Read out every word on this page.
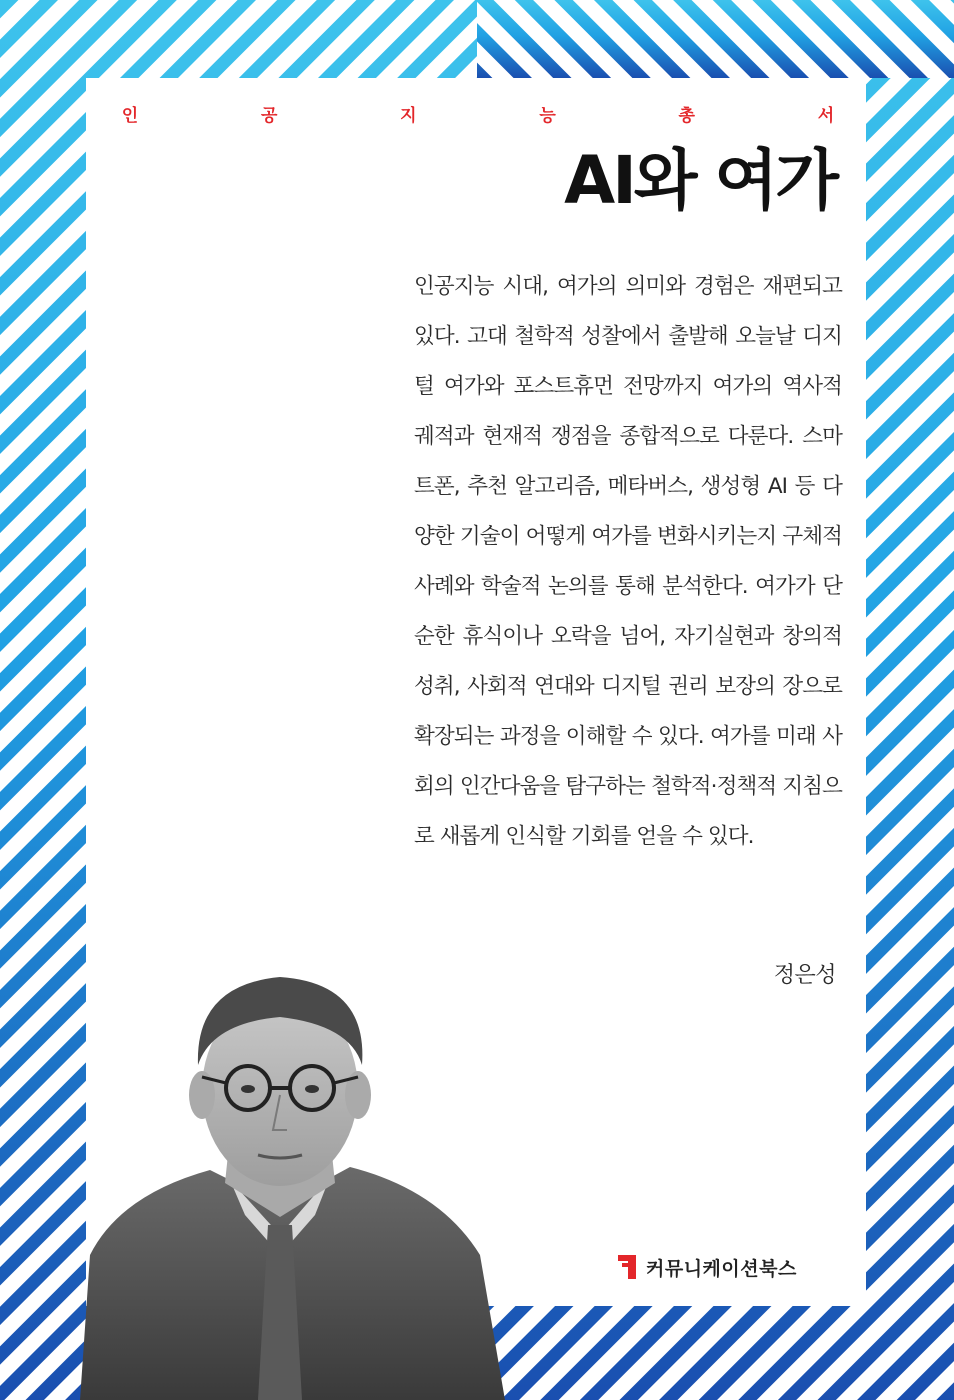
인	공	지	능	총	서
AI와 여가
인공지능 시대, 여가의 의미와 경험은 재편되고 있다. 고대 철학적 성찰에서 출발해 오늘날 디지털 여가와 포스트휴먼 전망까지 여가의 역사적 궤적과 현재적 쟁점을 종합적으로 다룬다. 스마트폰, 추천 알고리즘, 메타버스, 생성형 AI 등 다양한 기술이 어떻게 여가를 변화시키는지 구체적 사례와 학술적 논의를 통해 분석한다. 여가가 단순한 휴식이나 오락을 넘어, 자기실현과 창의적 성취, 사회적 연대와 디지털 권리 보장의 장으로 확장되는 과정을 이해할 수 있다. 여가를 미래 사회의 인간다움을 탐구하는 철학적·정책적 지침으로 새롭게 인식할 기회를 얻을 수 있다.
정은성
커뮤니케이션북스
